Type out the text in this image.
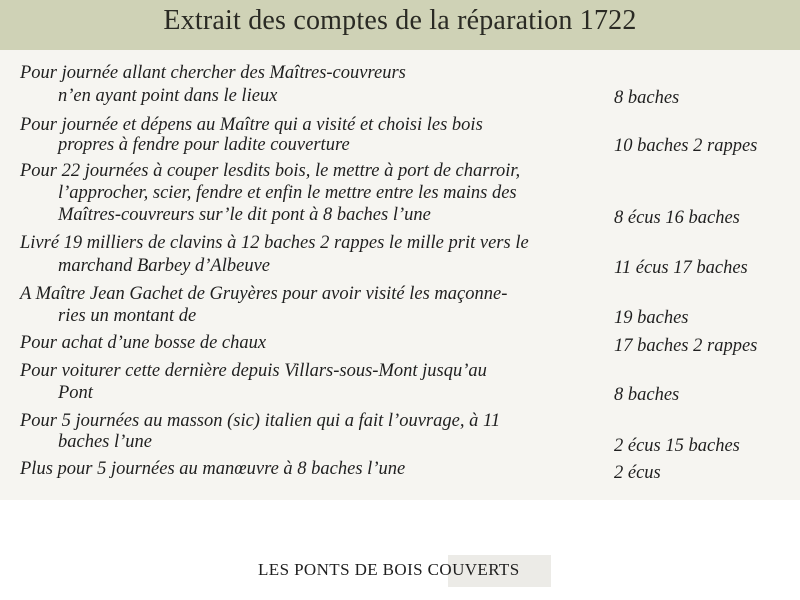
Extrait des comptes de la réparation 1722
Pour journée allant chercher des Maîtres-couvreurs
n’en ayant point dans le lieux	8 baches
Pour journée et dépens au Maître qui a visité et choisi les bois
propres à fendre pour ladite couverture	10 baches 2 rappes
Pour 22 journées à couper lesdits bois, le mettre à port de charroir,
l’approcher, scier, fendre et enfin le mettre entre les mains des
Maîtres-couvreurs sur’le dit pont à 8 baches l’une	8 écus 16 baches
Livré 19 milliers de clavins à 12 baches 2 rappes le mille prit vers le
marchand Barbey d’Albeuve	11 écus 17 baches
A Maître Jean Gachet de Gruyères pour avoir visité les maçonne-
ries un montant de	19 baches
Pour achat d’une bosse de chaux	17 baches 2 rappes
Pour voiturer cette dernière depuis Villars-sous-Mont jusqu’au
Pont	8 baches
Pour 5 journées au masson (sic) italien qui a fait l’ouvrage, à 11
baches l’une	2 écus 15 baches
Plus pour 5 journées au manœuvre à 8 baches l’une	2 écus
LES PONTS DE BOIS COUVERTS
